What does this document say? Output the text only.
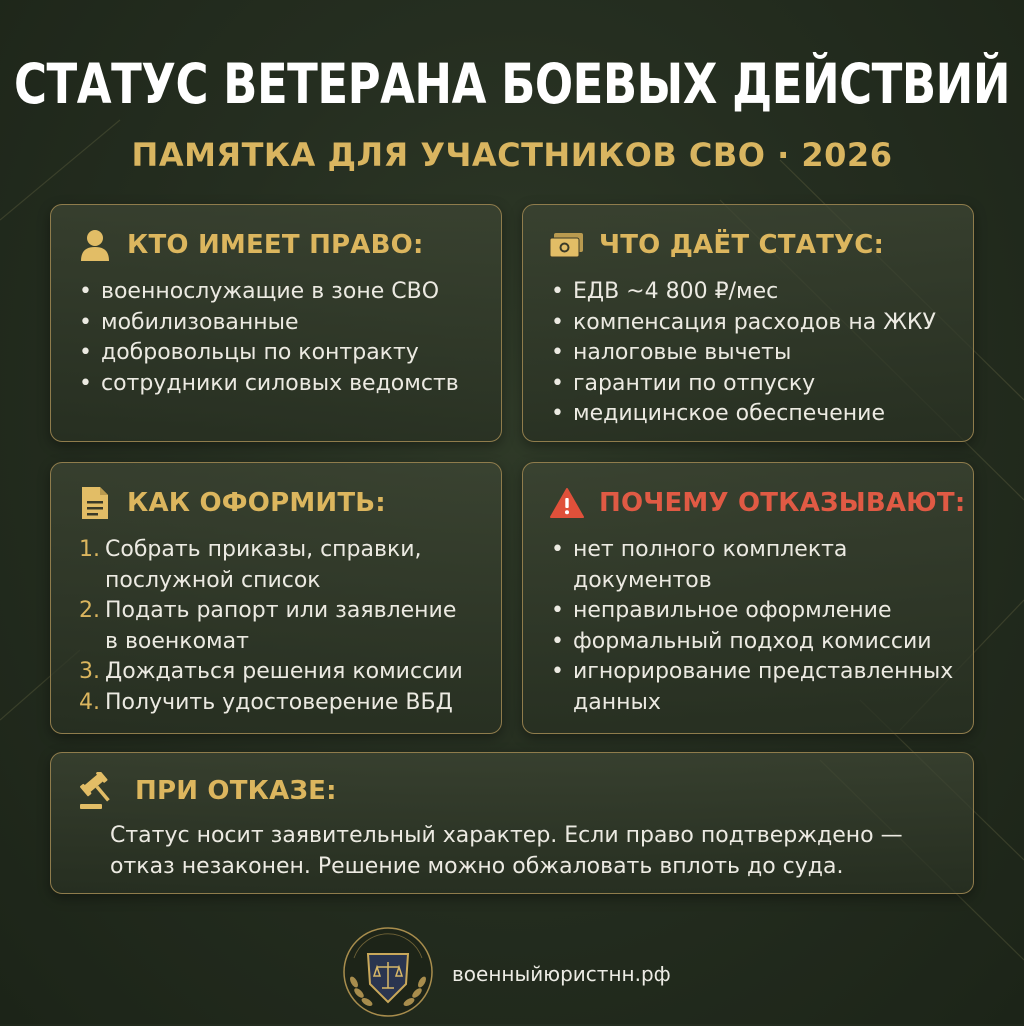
СТАТУС ВЕТЕРАНА БОЕВЫХ ДЕЙСТВИЙ
ПАМЯТКА ДЛЯ УЧАСТНИКОВ СВО · 2026
КТО ИМЕЕТ ПРАВО:
• военнослужащие в зоне СВО
• мобилизованные
• добровольцы по контракту
• сотрудники силовых ведомств
ЧТО ДАЁТ СТАТУС:
• ЕДВ ~4 800 ₽/мес
• компенсация расходов на ЖКУ
• налоговые вычеты
• гарантии по отпуску
• медицинское обеспечение
КАК ОФОРМИТЬ:
1. Собрать приказы, справки,
послужной список
2. Подать рапорт или заявление
в военкомат
3. Дождаться решения комиссии
4. Получить удостоверение ВБД
ПОЧЕМУ ОТКАЗЫВАЮТ:
• нет полного комплекта
документов
• неправильное оформление
• формальный подход комиссии
• игнорирование представленных
данных
ПРИ ОТКАЗЕ:
Статус носит заявительный характер. Если право подтверждено —
отказ незаконен. Решение можно обжаловать вплоть до суда.
военныйюристнн.рф
